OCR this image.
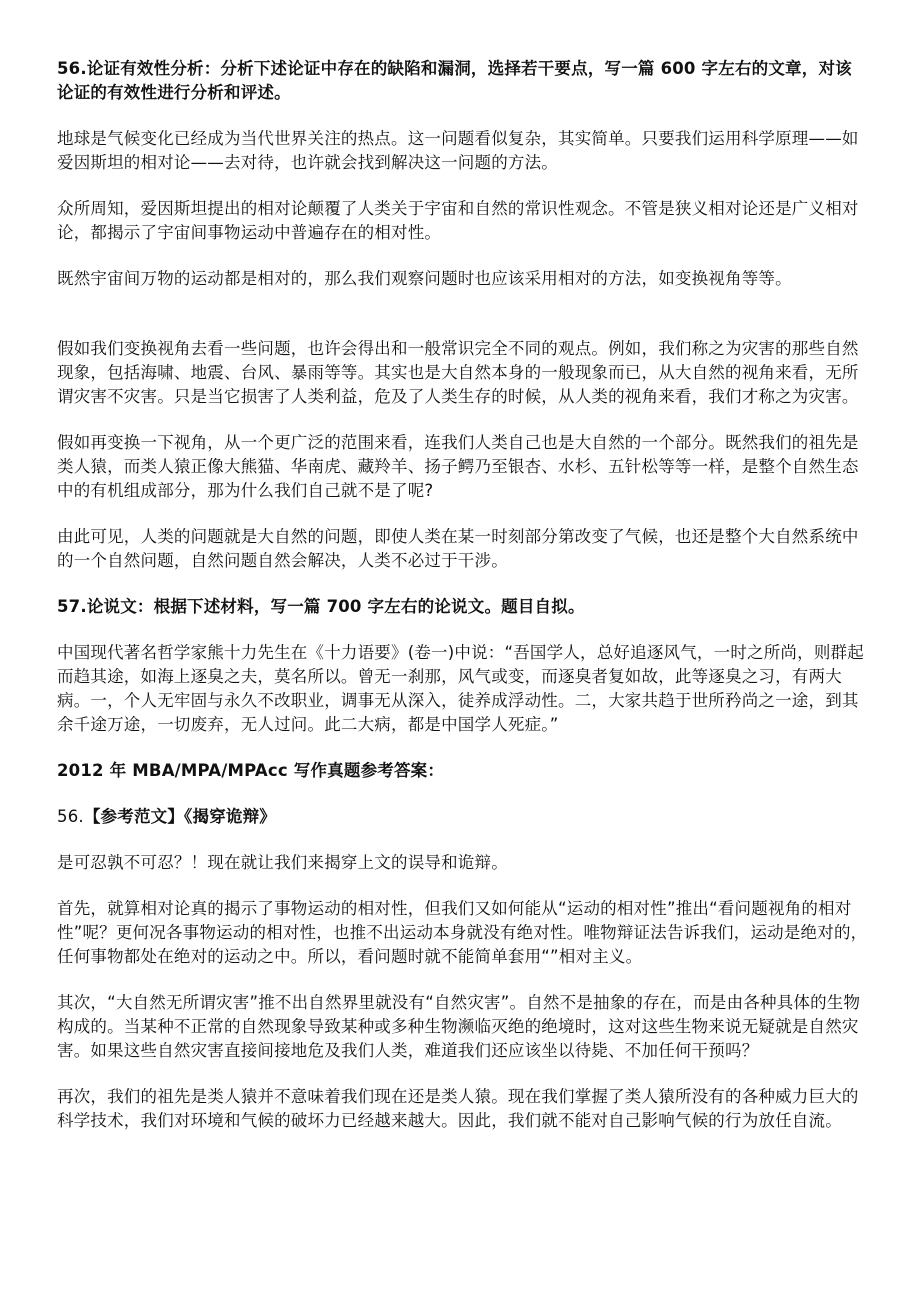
56.论证有效性分析：分析下述论证中存在的缺陷和漏洞，选择若干要点，写一篇 600 字左右的文章，对该论证的有效性进行分析和评述。

地球是气候变化已经成为当代世界关注的热点。这一问题看似复杂，其实简单。只要我们运用科学原理——如爱因斯坦的相对论——去对待，也许就会找到解决这一问题的方法。

众所周知，爱因斯坦提出的相对论颠覆了人类关于宇宙和自然的常识性观念。不管是狭义相对论还是广义相对论，都揭示了宇宙间事物运动中普遍存在的相对性。

既然宇宙间万物的运动都是相对的，那么我们观察问题时也应该采用相对的方法，如变换视角等等。

假如我们变换视角去看一些问题，也许会得出和一般常识完全不同的观点。例如，我们称之为灾害的那些自然现象，包括海啸、地震、台风、暴雨等等。其实也是大自然本身的一般现象而已，从大自然的视角来看，无所谓灾害不灾害。只是当它损害了人类利益，危及了人类生存的时候，从人类的视角来看，我们才称之为灾害。

假如再变换一下视角，从一个更广泛的范围来看，连我们人类自己也是大自然的一个部分。既然我们的祖先是类人猿，而类人猿正像大熊猫、华南虎、藏羚羊、扬子鳄乃至银杏、水杉、五针松等等一样，是整个自然生态中的有机组成部分，那为什么我们自己就不是了呢?

由此可见，人类的问题就是大自然的问题，即使人类在某一时刻部分第改变了气候，也还是整个大自然系统中的一个自然问题，自然问题自然会解决，人类不必过于干涉。

57.论说文：根据下述材料，写一篇 700 字左右的论说文。题目自拟。

中国现代著名哲学家熊十力先生在《十力语要》(卷一)中说：“吾国学人，总好追逐风气，一时之所尚，则群起而趋其途，如海上逐臭之夫，莫名所以。曾无一刹那，风气或变，而逐臭者复如故，此等逐臭之习，有两大病。一，个人无牢固与永久不改职业，调事无从深入，徒养成浮动性。二，大家共趋于世所矜尚之一途，到其余千途万途，一切废弃，无人过问。此二大病，都是中国学人死症。”

2012 年 MBA/MPA/MPAcc 写作真题参考答案：

56.【参考范文】《揭穿诡辩》

是可忍孰不可忍？！现在就让我们来揭穿上文的误导和诡辩。

首先，就算相对论真的揭示了事物运动的相对性，但我们又如何能从“运动的相对性”推出“看问题视角的相对性”呢？更何况各事物运动的相对性，也推不出运动本身就没有绝对性。唯物辩证法告诉我们，运动是绝对的，任何事物都处在绝对的运动之中。所以，看问题时就不能简单套用“”相对主义。

其次，“大自然无所谓灾害”推不出自然界里就没有“自然灾害”。自然不是抽象的存在，而是由各种具体的生物构成的。当某种不正常的自然现象导致某种或多种生物濒临灭绝的绝境时，这对这些生物来说无疑就是自然灾害。如果这些自然灾害直接间接地危及我们人类，难道我们还应该坐以待毙、不加任何干预吗？

再次，我们的祖先是类人猿并不意味着我们现在还是类人猿。现在我们掌握了类人猿所没有的各种威力巨大的科学技术，我们对环境和气候的破坏力已经越来越大。因此，我们就不能对自己影响气候的行为放任自流。
